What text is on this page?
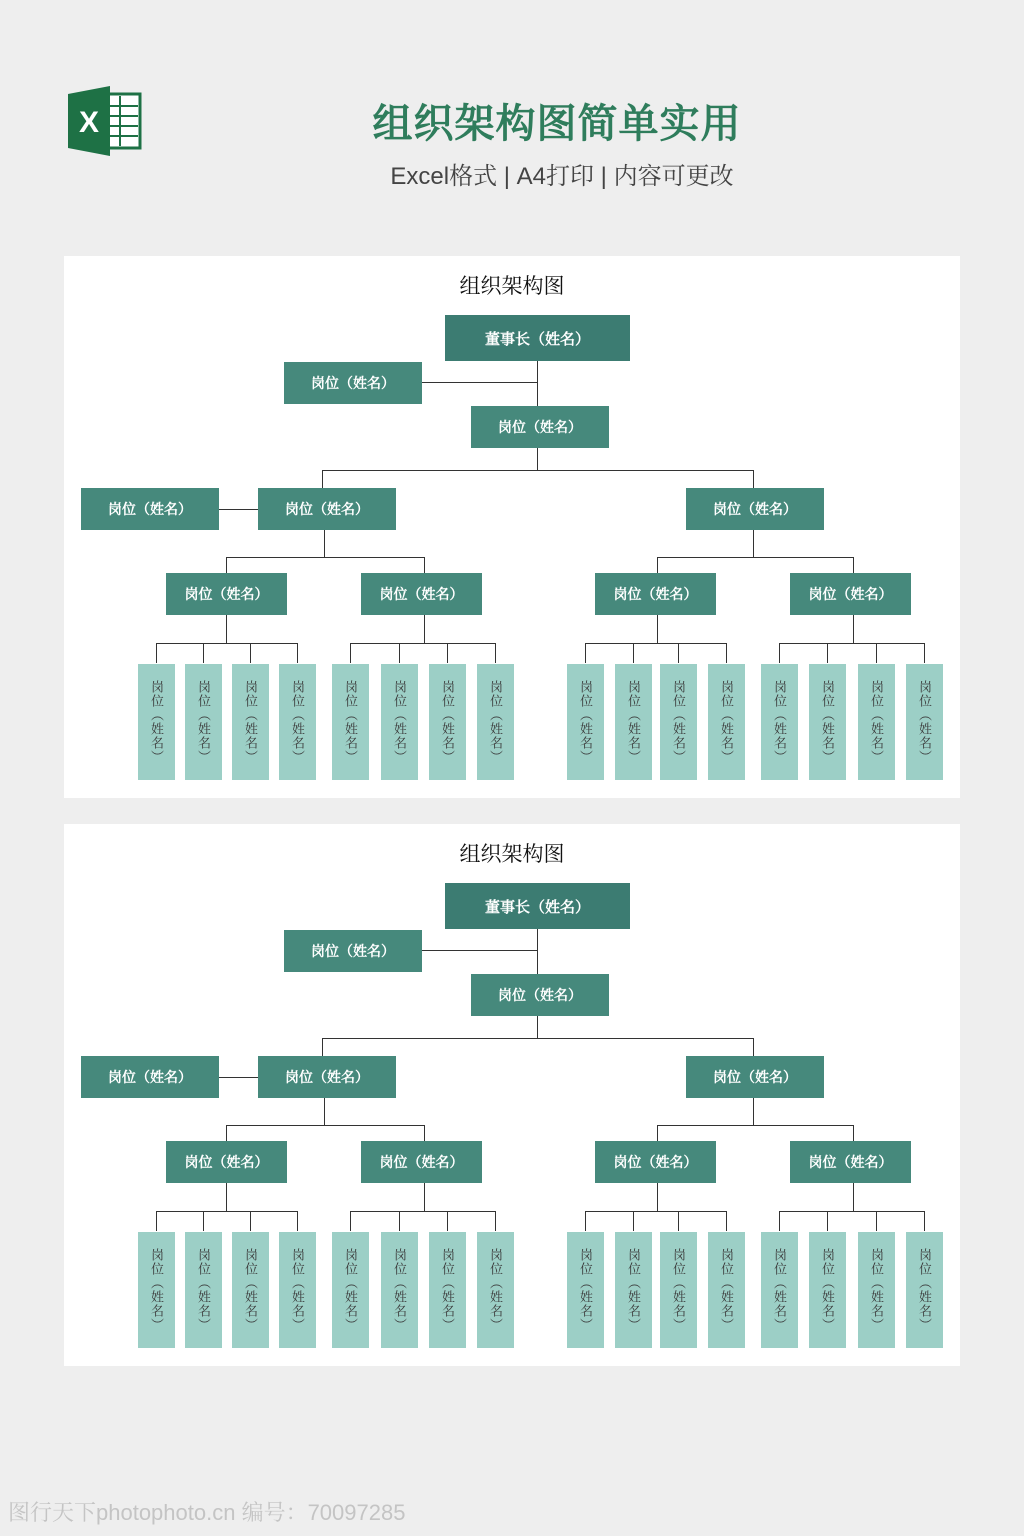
X	组织架构图简单实用
Excel格式 | A4打印 | 内容可更改
组织架构图
董事长（姓名）
岗位（姓名）
岗位（姓名）
岗位（姓名）	岗位（姓名）	岗位（姓名）
岗位（姓名）	岗位（姓名）	岗位（姓名）	岗位（姓名）
岗位（姓名） 岗位（姓名） 岗位（姓名） 岗位（姓名）	岗位（姓名）	岗位（姓名）	岗位（姓名）	岗位（姓名）	岗位（姓名）	岗位（姓名） 岗位（姓名）	岗位（姓名）	岗位（姓名）	岗位（姓名）	岗位（姓名）	岗位（姓名）
组织架构图
董事长（姓名）
岗位（姓名）
岗位（姓名）
岗位（姓名）	岗位（姓名）	岗位（姓名）
岗位（姓名）	岗位（姓名）	岗位（姓名）	岗位（姓名）
岗位（姓名） 岗位（姓名） 岗位（姓名） 岗位（姓名）	岗位（姓名）	岗位（姓名）	岗位（姓名）	岗位（姓名）	岗位（姓名）	岗位（姓名） 岗位（姓名）	岗位（姓名）	岗位（姓名）	岗位（姓名）	岗位（姓名）	岗位（姓名）
图行天下photophoto.cn 编号：70097285
